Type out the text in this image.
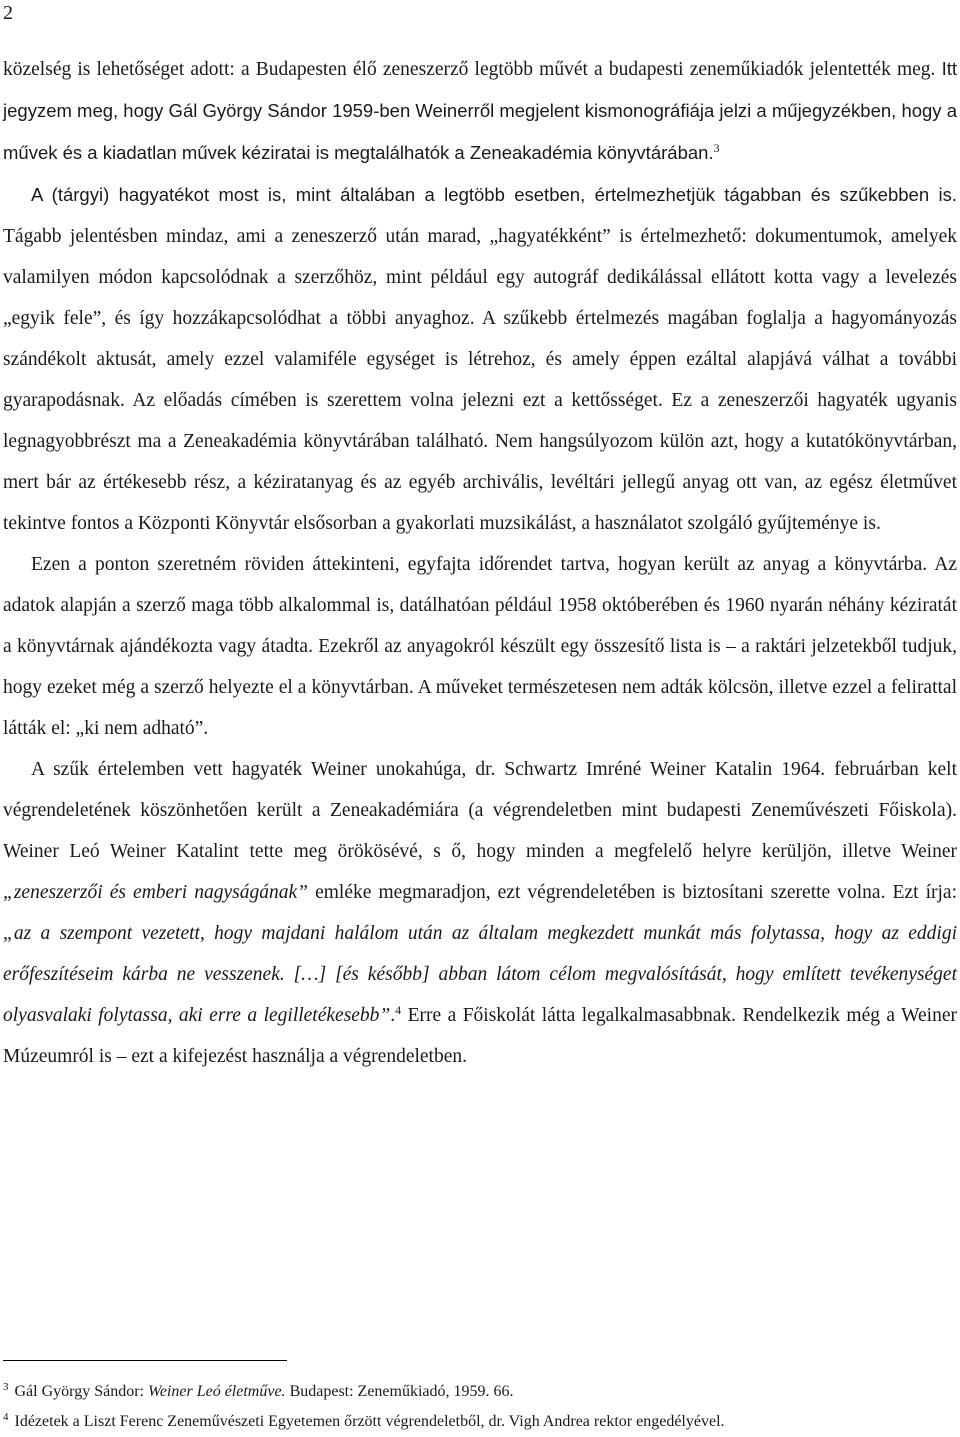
2

közelség is lehetőséget adott: a Budapesten élő zeneszerző legtöbb művét a budapesti zeneműkiadók jelentették meg. Itt jegyzem meg, hogy Gál György Sándor 1959-ben Weinerről megjelent kismonográfiája jelzi a műjegyzékben, hogy a művek és a kiadatlan művek kéziratai is megtalálhatók a Zeneakadémia könyvtárában.$^3$

A (tárgyi) hagyatékot most is, mint általában a legtöbb esetben, értelmezhetjük tágabban és szűkebben is. Tágabb jelentésben mindaz, ami a zeneszerző után marad, „hagyatékként” is értelmezhető: dokumentumok, amelyek valamilyen módon kapcsolódnak a szerzőhöz, mint például egy autográf dedikálással ellátott kotta vagy a levelezés „egyik fele”, és így hozzákapcsolódhat a többi anyaghoz. A szűkebb értelmezés magában foglalja a hagyományozás szándékolt aktusát, amely ezzel valamiféle egységet is létrehoz, és amely éppen ezáltal alapjává válhat a további gyarapodásnak. Az előadás címében is szerettem volna jelezni ezt a kettősséget. Ez a zeneszerzői hagyaték ugyanis legnagyobbrészt ma a Zeneakadémia könyvtárában található. Nem hangsúlyozom külön azt, hogy a kutatókönyvtárban, mert bár az értékesebb rész, a kéziratanyag és az egyéb archivális, levéltári jellegű anyag ott van, az egész életművet tekintve fontos a Központi Könyvtár elsősorban a gyakorlati muzsikálást, a használatot szolgáló gyűjteménye is.

Ezen a ponton szeretném röviden áttekinteni, egyfajta időrendet tartva, hogyan került az anyag a könyvtárba. Az adatok alapján a szerző maga több alkalommal is, datálhatóan például 1958 októberében és 1960 nyarán néhány kéziratát a könyvtárnak ajándékozta vagy átadta. Ezekről az anyagokról készült egy összesítő lista is – a raktári jelzetekből tudjuk, hogy ezeket még a szerző helyezte el a könyvtárban. A műveket természetesen nem adták kölcsön, illetve ezzel a felirattal látták el: „ki nem adható”.

A szűk értelemben vett hagyaték Weiner unokahúga, dr. Schwartz Imréné Weiner Katalin 1964. februárban kelt végrendeletének köszönhetően került a Zeneakadémiára (a végrendeletben mint budapesti Zeneművészeti Főiskola). Weiner Leó Weiner Katalint tette meg örökösévé, s ő, hogy minden a megfelelő helyre kerüljön, illetve Weiner „zeneszerzői és emberi nagyságának” emléke megmaradjon, ezt végrendeletében is biztosítani szerette volna. Ezt írja: „az a szempont vezetett, hogy majdani halálom után az általam megkezdett munkát más folytassa, hogy az eddigi erőfeszítéseim kárba ne vesszenek. […] [és később] abban látom célom megvalósítását, hogy említett tevékenységet olyasvalaki folytassa, aki erre a legilletékesebb”.$^4$ Erre a Főiskolát látta legalkalmasabbnak. Rendelkezik még a Weiner Múzeumról is – ezt a kifejezést használja a végrendeletben.

$^3$ Gál György Sándor: Weiner Leó életműve. Budapest: Zeneműkiadó, 1959. 66.

$^4$ Idézetek a Liszt Ferenc Zeneművészeti Egyetemen őrzött végrendeletből, dr. Vigh Andrea rektor engedélyével.
